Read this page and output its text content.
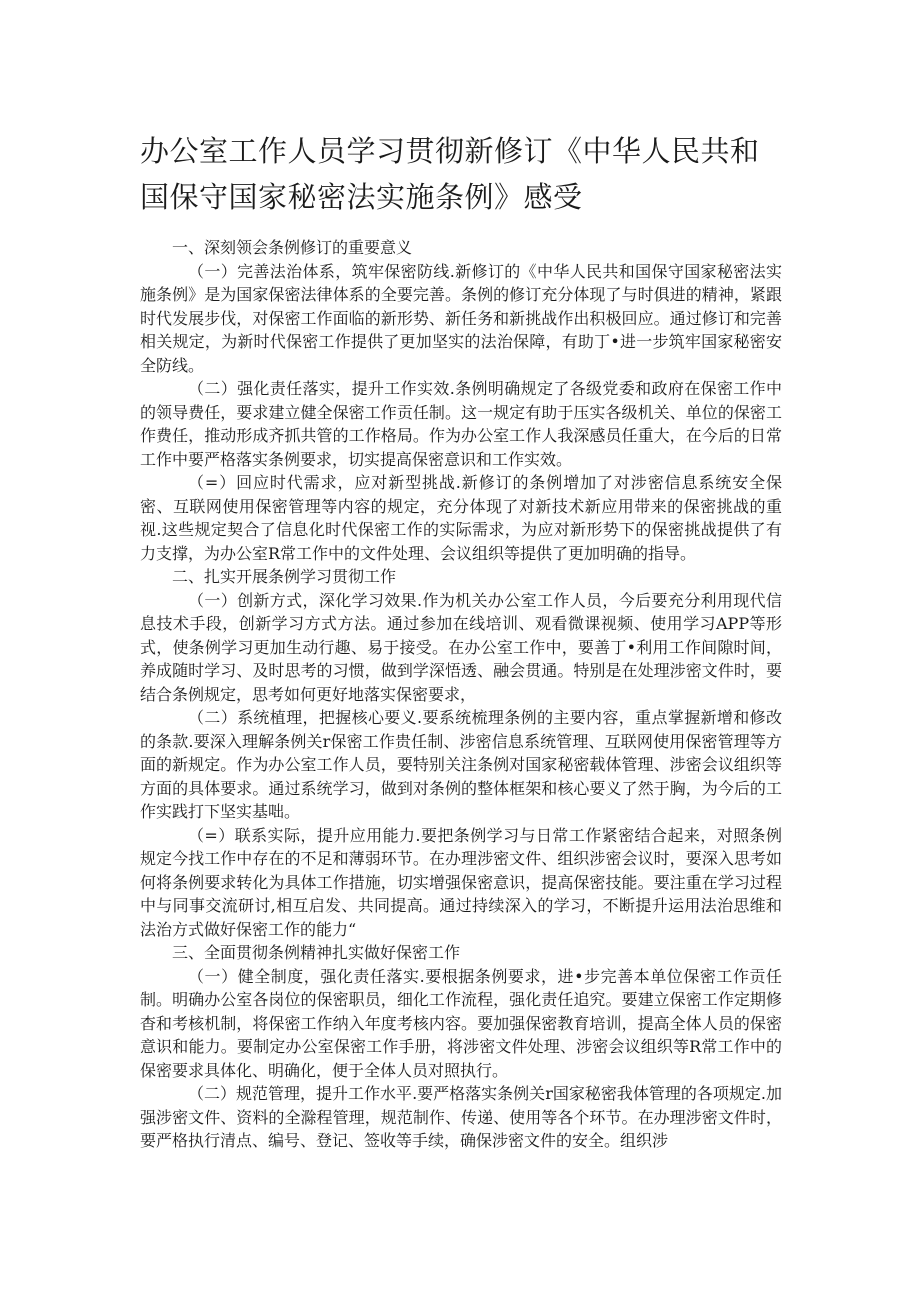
办公室工作人员学习贯彻新修订《中华人民共和国保守国家秘密法实施条例》感受

一、深刻领会条例修订的重要意义

（一）完善法治体系，筑牢保密防线.新修订的《中华人民共和国保守国家秘密法实施条例》是为国家保密法律体系的全要完善。条例的修订充分体现了与时俱进的精神，紧跟时代发展步伐，对保密工作面临的新形势、新任务和新挑战作出积极回应。通过修订和完善相关规定，为新时代保密工作提供了更加坚实的法治保障，有助丁•进一步筑牢国家秘密安全防线。

（二）强化责任落实，提升工作实效.条例明确规定了各级党委和政府在保密工作中的领导费任，要求建立健全保密工作贡任制。这一规定有助于压实各级机关、单位的保密工作费任，推动形成齐抓共管的工作格局。作为办公室工作人我深感员任重大，在今后的日常工作中要严格落实条例要求，切实提高保密意识和工作实效。

（=）回应时代需求，应对新型挑战.新修订的条例增加了对涉密信息系统安全保密、互联网使用保密管理等内容的规定，充分体现了对新技术新应用带来的保密挑战的重视.这些规定契合了信息化时代保密工作的实际需求，为应对新形势下的保密挑战提供了有力支撑，为办公室R常工作中的文件处理、会议组织等提供了更加明确的指导。

二、扎实开展条例学习贯彻工作

（一）创新方式，深化学习效果.作为机关办公室工作人员，今后要充分利用现代信息技术手段，创新学习方式方法。通过参加在线培训、观看微课视频、使用学习APP等形式，使条例学习更加生动行趣、易于接受。在办公室工作中，要善丁•利用工作间隙时间，养成随时学习、及时思考的习惯，做到学深悟透、融会贯通。特别是在处理涉密文件时，要结合条例规定，思考如何更好地落实保密要求，

（二）系统植理，把握核心要义.要系统梳理条例的主要内容，重点掌握新增和修改的条款.要深入理解条例关r保密工作贵任制、涉密信息系统管理、互联网使用保密管理等方面的新规定。作为办公室工作人员，要特别关注条例对国家秘密载体管理、涉密会议组织等方面的具体要求。通过系统学习，做到对条例的整体框架和核心要义了然于胸，为今后的工作实践打下坚实基咄。

（=）联系实际，提升应用能力.要把条例学习与日常工作紧密结合起来，对照条例规定今找工作中存在的不足和薄弱环节。在办理涉密文件、组织涉密会议时，要深入思考如何将条例要求转化为具体工作措施，切实增强保密意识，提高保密技能。要注重在学习过程中与同事交流研讨,相互启发、共同提高。通过持续深入的学习，不断提升运用法治思维和法治方式做好保密工作的能力“

三、全面贯彻条例精神扎实做好保密工作

（一）健全制度，强化责任落实.要根据条例要求，进•步完善本单位保密工作贡任制。明确办公室各岗位的保密职员，细化工作流程，强化责任追究。要建立保密工作定期修杳和考核机制，将保密工作纳入年度考核内容。要加强保密教育培训，提高全体人员的保密意识和能力。要制定办公室保密工作手册，将涉密文件处理、涉密会议组织等R常工作中的保密要求具体化、明确化，便于全体人员对照执行。

（二）规范管理，提升工作水平.要严格落实条例关r国家秘密我体管理的各项规定.加强涉密文件、资料的全滁程管理，规范制作、传递、使用等各个环节。在办理涉密文件时，要严格执行清点、编号、登记、签收等手续，确保涉密文件的安全。组织涉
